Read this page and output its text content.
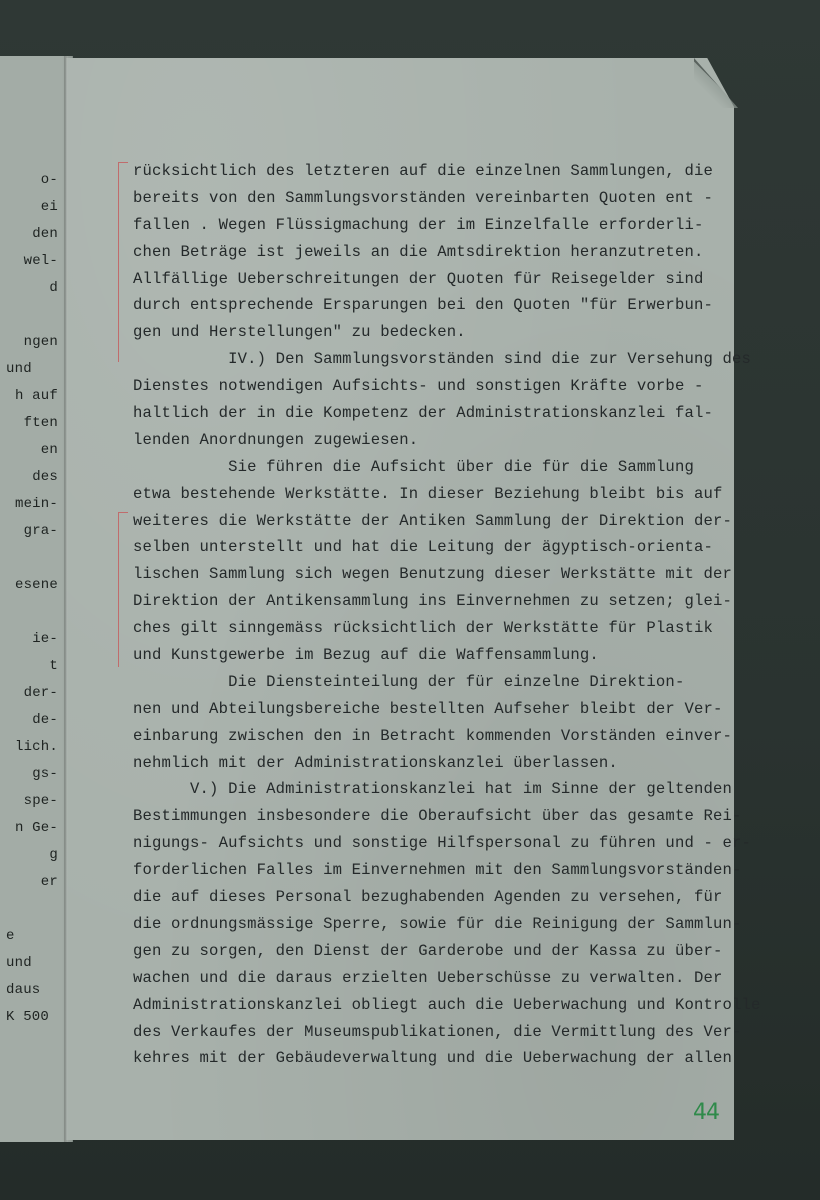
o-
ei
den
wel-
d
ngen
und
h auf
ften
en
des
mein-
gra-
esene
ie-
t
der-
de-
lich.
gs-
spe-
n Ge-
g
er
e
und
daus
K 500
rücksichtlich des letzteren auf die einzelnen Sammlungen, die
bereits von den Sammlungsvorständen vereinbarten Quoten ent -
fallen . Wegen Flüssigmachung der im Einzelfalle erforderli-
chen Beträge ist jeweils an die Amtsdirektion heranzutreten.
Allfällige Ueberschreitungen der Quoten für Reisegelder sind
durch entsprechende Ersparungen bei den Quoten "für Erwerbun-
gen und Herstellungen" zu bedecken.
IV.) Den Sammlungsvorständen sind die zur Versehung des
Dienstes notwendigen Aufsichts- und sonstigen Kräfte vorbe -
haltlich der in die Kompetenz der Administrationskanzlei fal-
lenden Anordnungen zugewiesen.
Sie führen die Aufsicht über die für die Sammlung
etwa bestehende Werkstätte. In dieser Beziehung bleibt bis auf
weiteres die Werkstätte der Antiken Sammlung der Direktion der-
selben unterstellt und hat die Leitung der ägyptisch-orienta-
lischen Sammlung sich wegen Benutzung dieser Werkstätte mit der
Direktion der Antikensammlung ins Einvernehmen zu setzen; glei-
ches gilt sinngemäss rücksichtlich der Werkstätte für Plastik
und Kunstgewerbe im Bezug auf die Waffensammlung.
Die Diensteinteilung der für einzelne Direktion-
nen und Abteilungsbereiche bestellten Aufseher bleibt der Ver-
einbarung zwischen den in Betracht kommenden Vorständen einver-
nehmlich mit der Administrationskanzlei überlassen.
V.) Die Administrationskanzlei hat im Sinne der geltenden
Bestimmungen insbesondere die Oberaufsicht über das gesamte Rei-
nigungs- Aufsichts und sonstige Hilfspersonal zu führen und - er-
forderlichen Falles im Einvernehmen mit den Sammlungsvorständen-
die auf dieses Personal bezughabenden Agenden zu versehen, für
die ordnungsmässige Sperre, sowie für die Reinigung der Sammlun-
gen zu sorgen, den Dienst der Garderobe und der Kassa zu über-
wachen und die daraus erzielten Ueberschüsse zu verwalten. Der
Administrationskanzlei obliegt auch die Ueberwachung und Kontrolle
des Verkaufes der Museumspublikationen, die Vermittlung des Ver-
kehres mit der Gebäudeverwaltung und die Ueberwachung der allen
44
